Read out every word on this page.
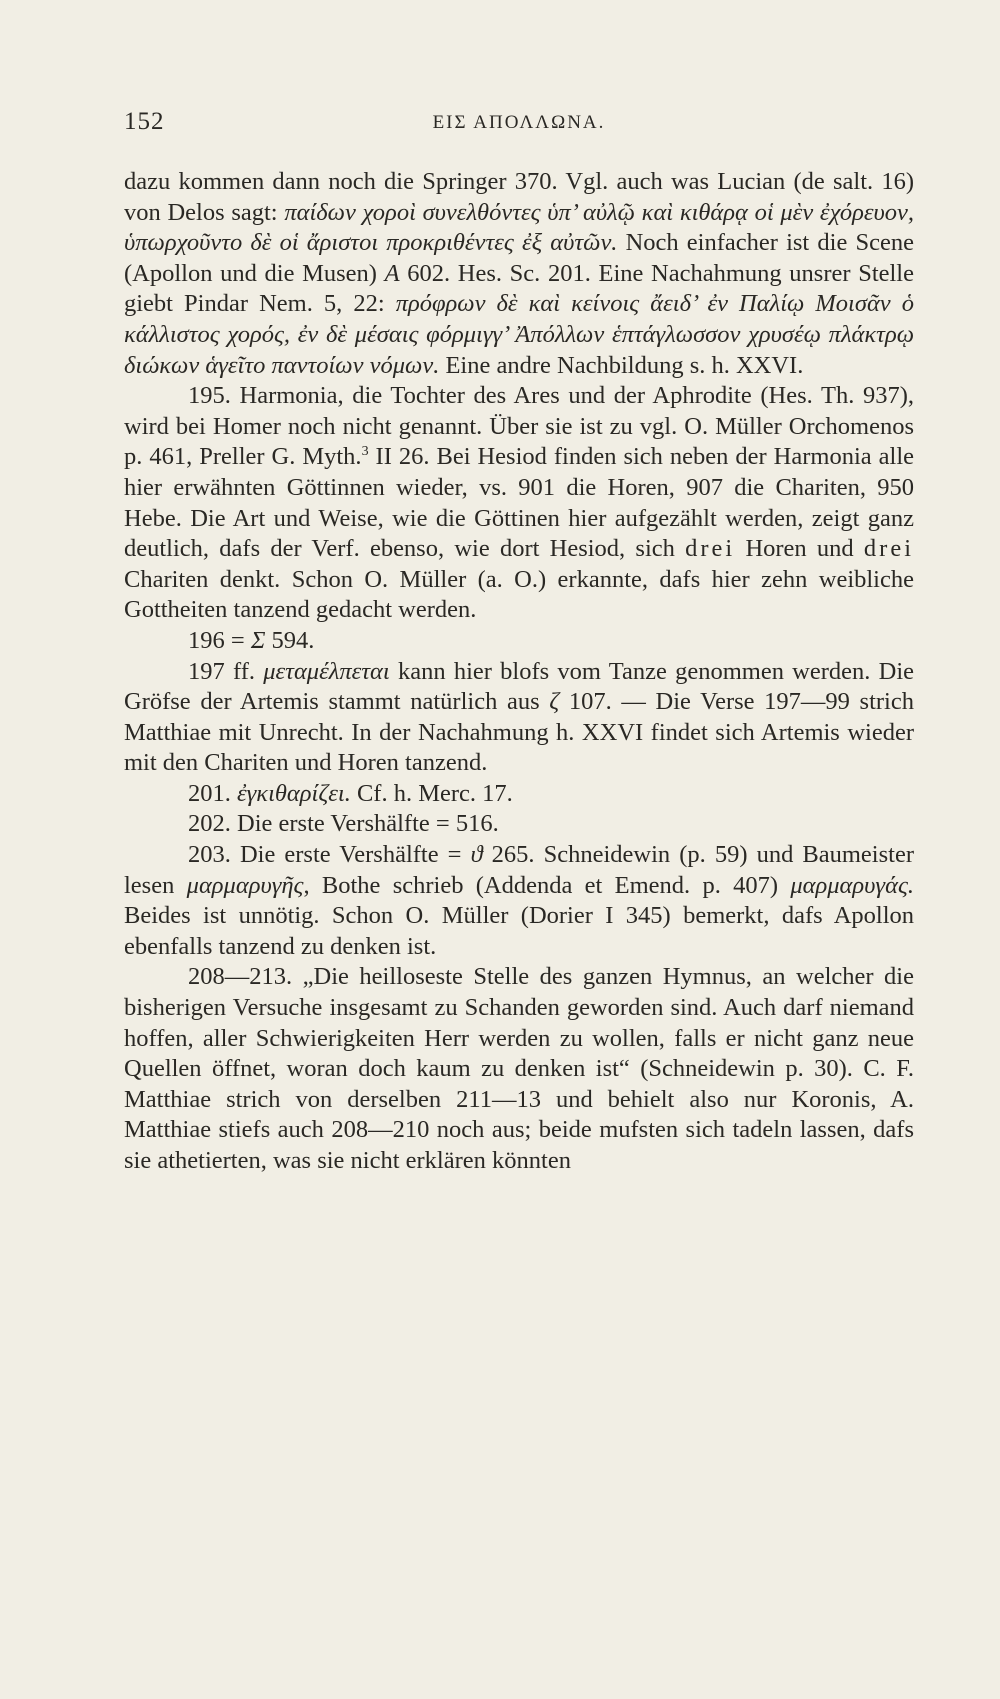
152	ΕΙΣ ΑΠΟΛΛΩΝΑ.

dazu kommen dann noch die Springer 370. Vgl. auch was Lucian (de salt. 16) von Delos sagt: παίδων χοροὶ συνελθόντες ὑπ’ αὐλῷ καὶ κιθάρᾳ οἱ μὲν ἐχόρευον, ὑπωρχοῦντο δὲ οἱ ἄριστοι προκριθέντες ἐξ αὐτῶν. Noch einfacher ist die Scene (Apollon und die Musen) Α 602. Hes. Sc. 201. Eine Nachahmung unsrer Stelle giebt Pindar Nem. 5, 22: πρόφρων δὲ καὶ κείνοις ἄειδ’ ἐν Παλίῳ Μοισᾶν ὁ κάλλιστος χορός, ἐν δὲ μέσαις φόρμιγγ’ Ἀπόλλων ἑπτάγλωσσον χρυσέῳ πλάκτρῳ διώκων ἁγεῖτο παντοίων νόμων. Eine andre Nachbildung s. h. XXVI.

195. Harmonia, die Tochter des Ares und der Aphrodite (Hes. Th. 937), wird bei Homer noch nicht genannt. Über sie ist zu vgl. O. Müller Orchomenos p. 461, Preller G. Myth.$^3$ II 26. Bei Hesiod finden sich neben der Harmonia alle hier erwähnten Göttinnen wieder, vs. 901 die Horen, 907 die Chariten, 950 Hebe. Die Art und Weise, wie die Göttinen hier aufgezählt werden, zeigt ganz deutlich, dafs der Verf. ebenso, wie dort Hesiod, sich drei Horen und drei Chariten denkt. Schon O. Müller (a. O.) erkannte, dafs hier zehn weibliche Gottheiten tanzend gedacht werden.

196 = Σ 594.

197 ff. μεταμέλπεται kann hier blofs vom Tanze genommen werden. Die Gröfse der Artemis stammt natürlich aus ζ 107. — Die Verse 197—99 strich Matthiae mit Unrecht. In der Nachahmung h. XXVI findet sich Artemis wieder mit den Chariten und Horen tanzend.

201. ἐγκιθαρίζει. Cf. h. Merc. 17.

202. Die erste Vershälfte = 516.

203. Die erste Vershälfte = ϑ 265. Schneidewin (p. 59) und Baumeister lesen μαρμαρυγῆς, Bothe schrieb (Addenda et Emend. p. 407) μαρμαρυγάς. Beides ist unnötig. Schon O. Müller (Dorier I 345) bemerkt, dafs Apollon ebenfalls tanzend zu denken ist.

208—213. „Die heilloseste Stelle des ganzen Hymnus, an welcher die bisherigen Versuche insgesamt zu Schanden geworden sind. Auch darf niemand hoffen, aller Schwierigkeiten Herr werden zu wollen, falls er nicht ganz neue Quellen öffnet, woran doch kaum zu denken ist“ (Schneidewin p. 30). C. F. Matthiae strich von derselben 211—13 und behielt also nur Koronis, A. Matthiae stiefs auch 208—210 noch aus; beide mufsten sich tadeln lassen, dafs sie athetierten, was sie nicht erklären könnten
